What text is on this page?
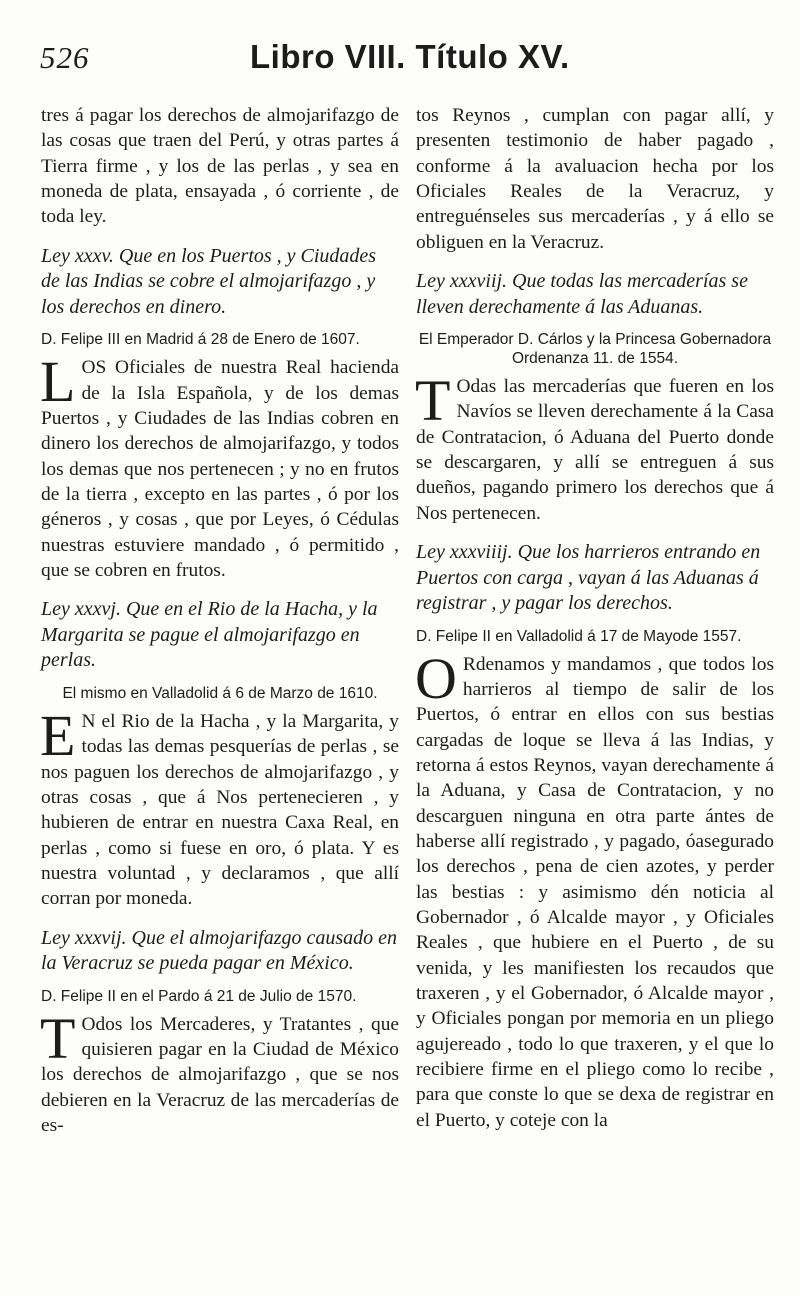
526	Libro VIII. Título XV.

tres á pagar los derechos de almojarifazgo de las cosas que traen del Perú, y otras partes á Tierra firme , y los de las perlas , y sea en moneda de plata, ensayada , ó corriente , de toda ley.

Ley xxxv. Que en los Puertos , y Ciudades de las Indias se cobre el almojarifazgo , y los derechos en dinero.
D. Felipe III en Madrid á 28 de Enero de 1607.

LOS Oficiales de nuestra Real hacienda de la Isla Española, y de los demas Puertos , y Ciudades de las Indias cobren en dinero los derechos de almojarifazgo, y todos los demas que nos pertenecen ; y no en frutos de la tierra , excepto en las partes , ó por los géneros , y cosas , que por Leyes, ó Cédulas nuestras estuviere mandado , ó permitido , que se cobren en frutos.

Ley xxxvj. Que en el Rio de la Hacha, y la Margarita se pague el almojarifazgo en perlas.
El mismo en Valladolid á 6 de Marzo de 1610.

E N el Rio de la Hacha , y la Margarita, y todas las demas pesquerías de perlas , se nos paguen los derechos de almojarifazgo , y otras cosas , que á Nos pertenecieren , y hubieren de entrar en nuestra Caxa Real, en perlas , como si fuese en oro, ó plata. Y es nuestra voluntad , y declaramos , que allí corran por moneda.

Ley xxxvij. Que el almojarifazgo causado en la Veracruz se pueda pagar en México.
D. Felipe II en el Pardo á 21 de Julio de 1570.

T Odos los Mercaderes, y Tratantes , que quisieren pagar en la Ciudad de México los derechos de almojarifazgo , que se nos debieren en la Veracruz de las mercaderías de es-

tos Reynos , cumplan con pagar allí, y presenten testimonio de haber pagado , conforme á la avaluacion hecha por los Oficiales Reales de la Veracruz, y entreguénseles sus mercaderías , y á ello se obliguen en la Veracruz.

Ley xxxviij. Que todas las mercaderías se lleven derechamente á las Aduanas.
El Emperador D. Cárlos y la Princesa Gobernadora Ordenanza 11. de 1554.

T Odas las mercaderías que fueren en los Navíos se lleven derechamente á la Casa de Contratacion, ó Aduana del Puerto donde se descargaren, y allí se entreguen á sus dueños, pagando primero los derechos que á Nos pertenecen.

Ley xxxviiij. Que los harrieros entrando en Puertos con carga , vayan á las Aduanas á registrar , y pagar los derechos.
D. Felipe II en Valladolid á 17 de Mayode 1557.

O Rdenamos y mandamos , que todos los harrieros al tiempo de salir de los Puertos, ó entrar en ellos con sus bestias cargadas de loque se lleva á las Indias, y retorna á estos Reynos, vayan derechamente á la Aduana, y Casa de Contratacion, y no descarguen ninguna en otra parte ántes de haberse allí registrado , y pagado, óasegurado los derechos , pena de cien azotes, y perder las bestias : y asimismo dén noticia al Gobernador , ó Alcalde mayor , y Oficiales Reales , que hubiere en el Puerto , de su venida, y les manifiesten los recaudos que traxeren , y el Gobernador, ó Alcalde mayor , y Oficiales pongan por memoria en un pliego agujereado , todo lo que traxeren, y el que lo recibiere firme en el pliego como lo recibe , para que conste lo que se dexa de registrar en el Puerto, y coteje con la
